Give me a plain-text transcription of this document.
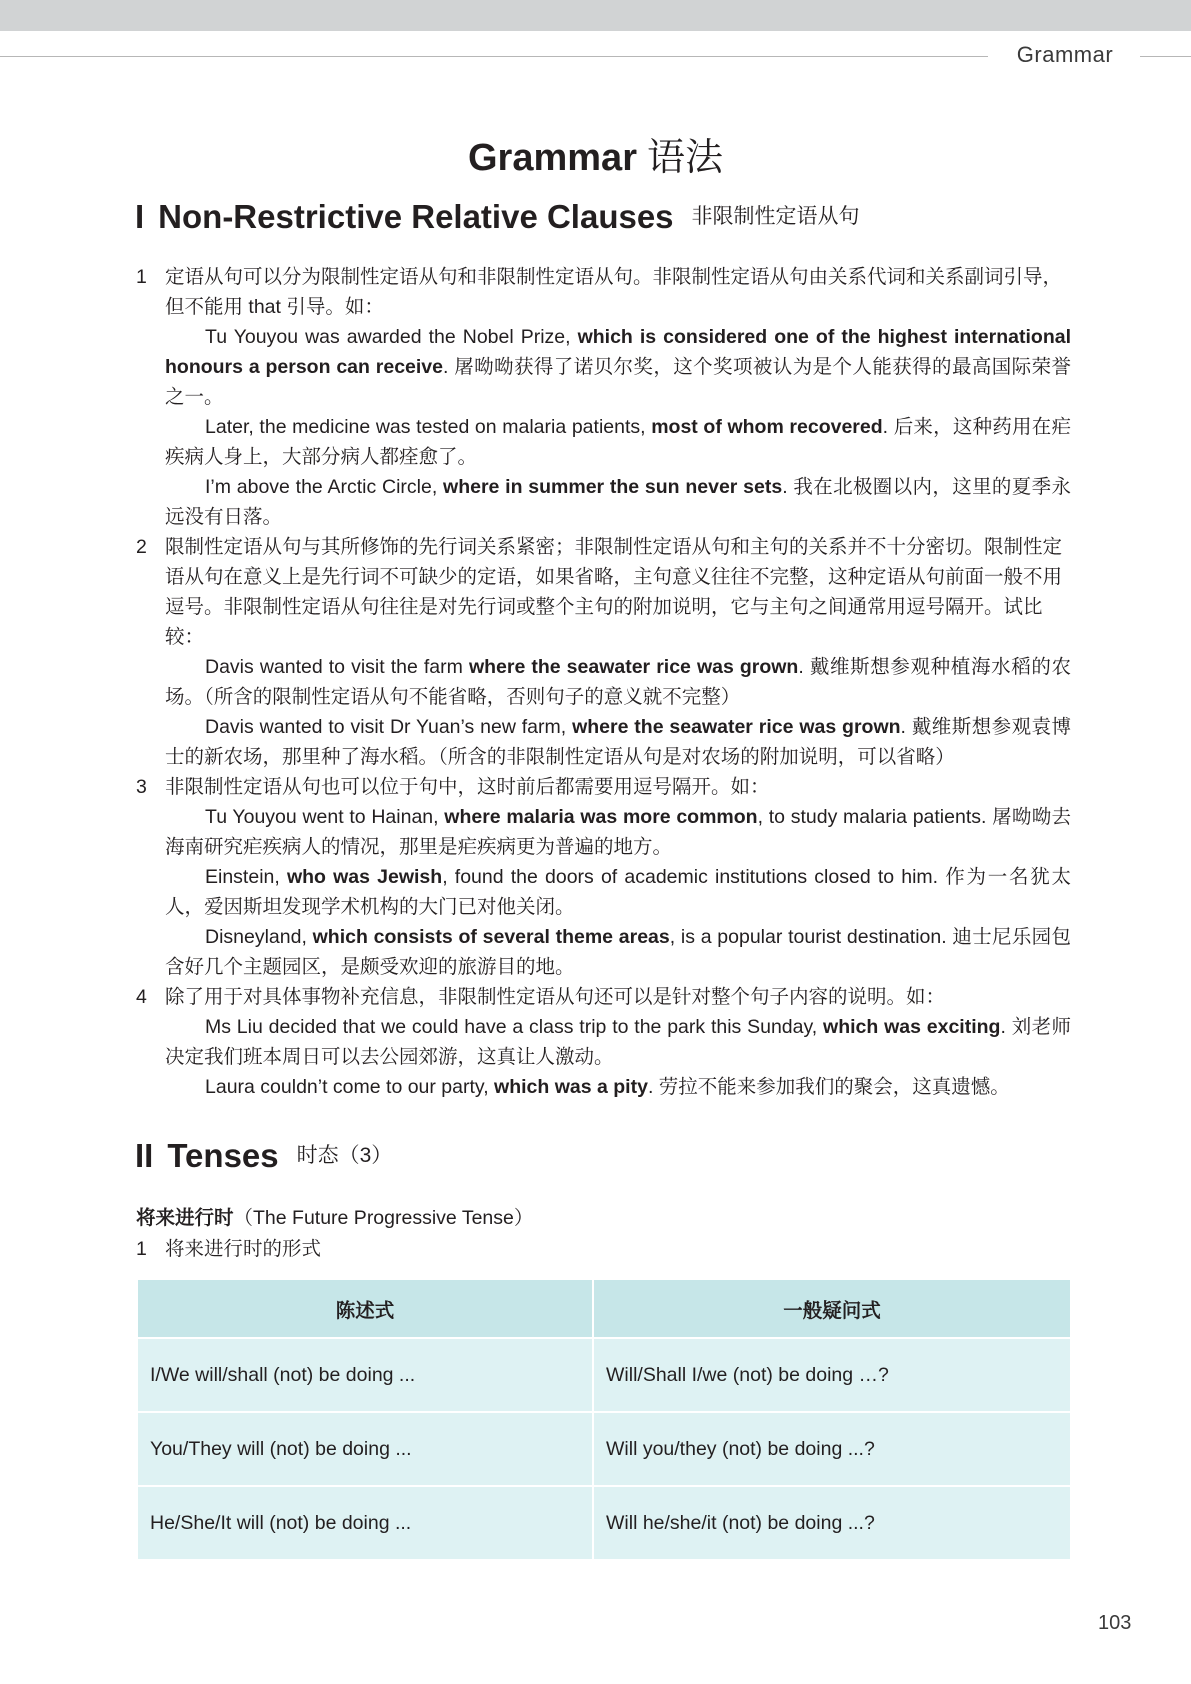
Grammar
Grammar 语法
I Non-Restrictive Relative Clauses 非限制性定语从句
1 定语从句可以分为限制性定语从句和非限制性定语从句。非限制性定语从句由关系代词和关系副词引导，但不能用 that 引导。如：
Tu Youyou was awarded the Nobel Prize, which is considered one of the highest international honours a person can receive. 屠呦呦获得了诺贝尔奖，这个奖项被认为是个人能获得的最高国际荣誉之一。
Later, the medicine was tested on malaria patients, most of whom recovered. 后来，这种药用在疟疾病人身上，大部分病人都痊愈了。
I’m above the Arctic Circle, where in summer the sun never sets. 我在北极圈以内，这里的夏季永远没有日落。
2 限制性定语从句与其所修饰的先行词关系紧密；非限制性定语从句和主句的关系并不十分密切。限制性定语从句在意义上是先行词不可缺少的定语，如果省略，主句意义往往不完整，这种定语从句前面一般不用逗号。非限制性定语从句往往是对先行词或整个主句的附加说明，它与主句之间通常用逗号隔开。试比较：
Davis wanted to visit the farm where the seawater rice was grown. 戴维斯想参观种植海水稻的农场。（所含的限制性定语从句不能省略，否则句子的意义就不完整）
Davis wanted to visit Dr Yuan’s new farm, where the seawater rice was grown. 戴维斯想参观袁博士的新农场，那里种了海水稻。（所含的非限制性定语从句是对农场的附加说明，可以省略）
3 非限制性定语从句也可以位于句中，这时前后都需要用逗号隔开。如：
Tu Youyou went to Hainan, where malaria was more common, to study malaria patients. 屠呦呦去海南研究疟疾病人的情况，那里是疟疾病更为普遍的地方。
Einstein, who was Jewish, found the doors of academic institutions closed to him. 作为一名犹太人，爱因斯坦发现学术机构的大门已对他关闭。
Disneyland, which consists of several theme areas, is a popular tourist destination. 迪士尼乐园包含好几个主题园区，是颇受欢迎的旅游目的地。
4 除了用于对具体事物补充信息，非限制性定语从句还可以是针对整个句子内容的说明。如：
Ms Liu decided that we could have a class trip to the park this Sunday, which was exciting. 刘老师决定我们班本周日可以去公园郊游，这真让人激动。
Laura couldn’t come to our party, which was a pity. 劳拉不能来参加我们的聚会，这真遗憾。
II Tenses 时态（3）
将来进行时（The Future Progressive Tense）
1 将来进行时的形式
陈述式	一般疑问式
I/We will/shall (not) be doing ...	Will/Shall I/we (not) be doing …?
You/They will (not) be doing ...	Will you/they (not) be doing ...?
He/She/It will (not) be doing ...	Will he/she/it (not) be doing ...?
103
